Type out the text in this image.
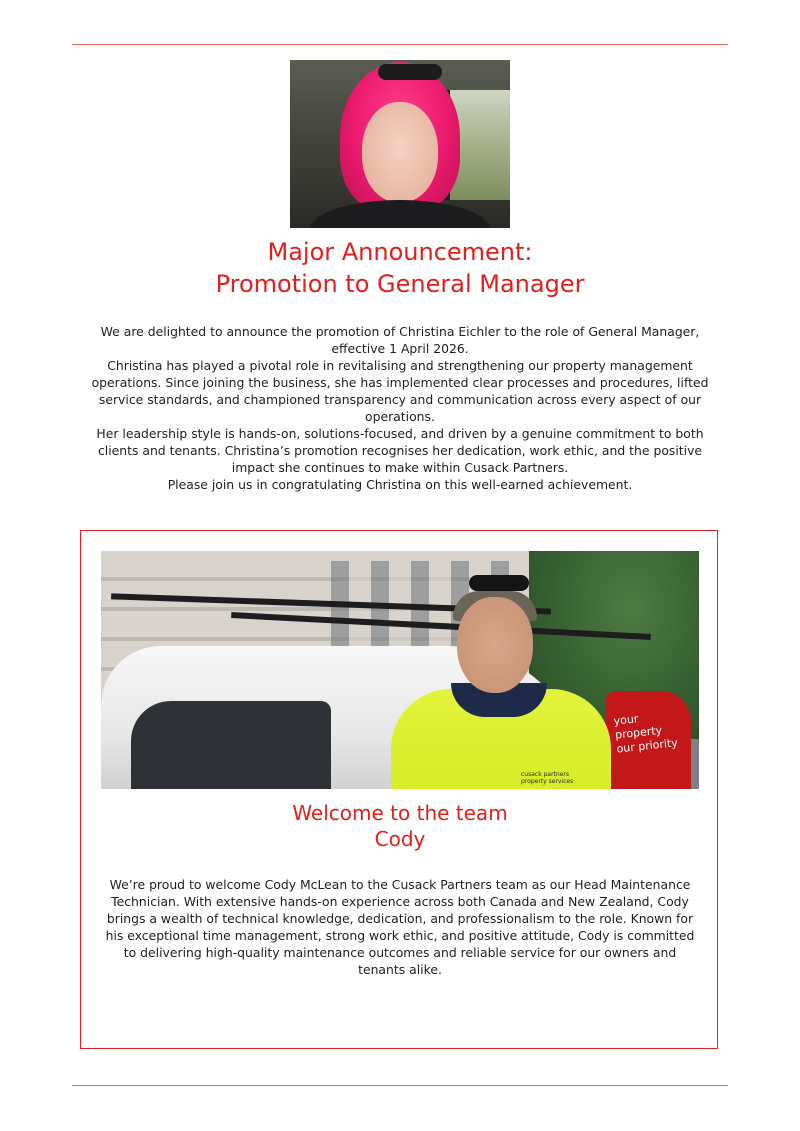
Major Announcement:
Promotion to General Manager
We are delighted to announce the promotion of Christina Eichler to the role of General Manager, effective 1 April 2026.
Christina has played a pivotal role in revitalising and strengthening our property management operations. Since joining the business, she has implemented clear processes and procedures, lifted service standards, and championed transparency and communication across every aspect of our operations.
Her leadership style is hands-on, solutions-focused, and driven by a genuine commitment to both clients and tenants. Christina’s promotion recognises her dedication, work ethic, and the positive impact she continues to make within Cusack Partners.
Please join us in congratulating Christina on this well-earned achievement.
your property
our priority
cusack partners
property services
Welcome to the team
Cody
We’re proud to welcome Cody McLean to the Cusack Partners team as our Head Maintenance Technician. With extensive hands-on experience across both Canada and New Zealand, Cody brings a wealth of technical knowledge, dedication, and professionalism to the role. Known for his exceptional time management, strong work ethic, and positive attitude, Cody is committed to delivering high-quality maintenance outcomes and reliable service for our owners and tenants alike.
